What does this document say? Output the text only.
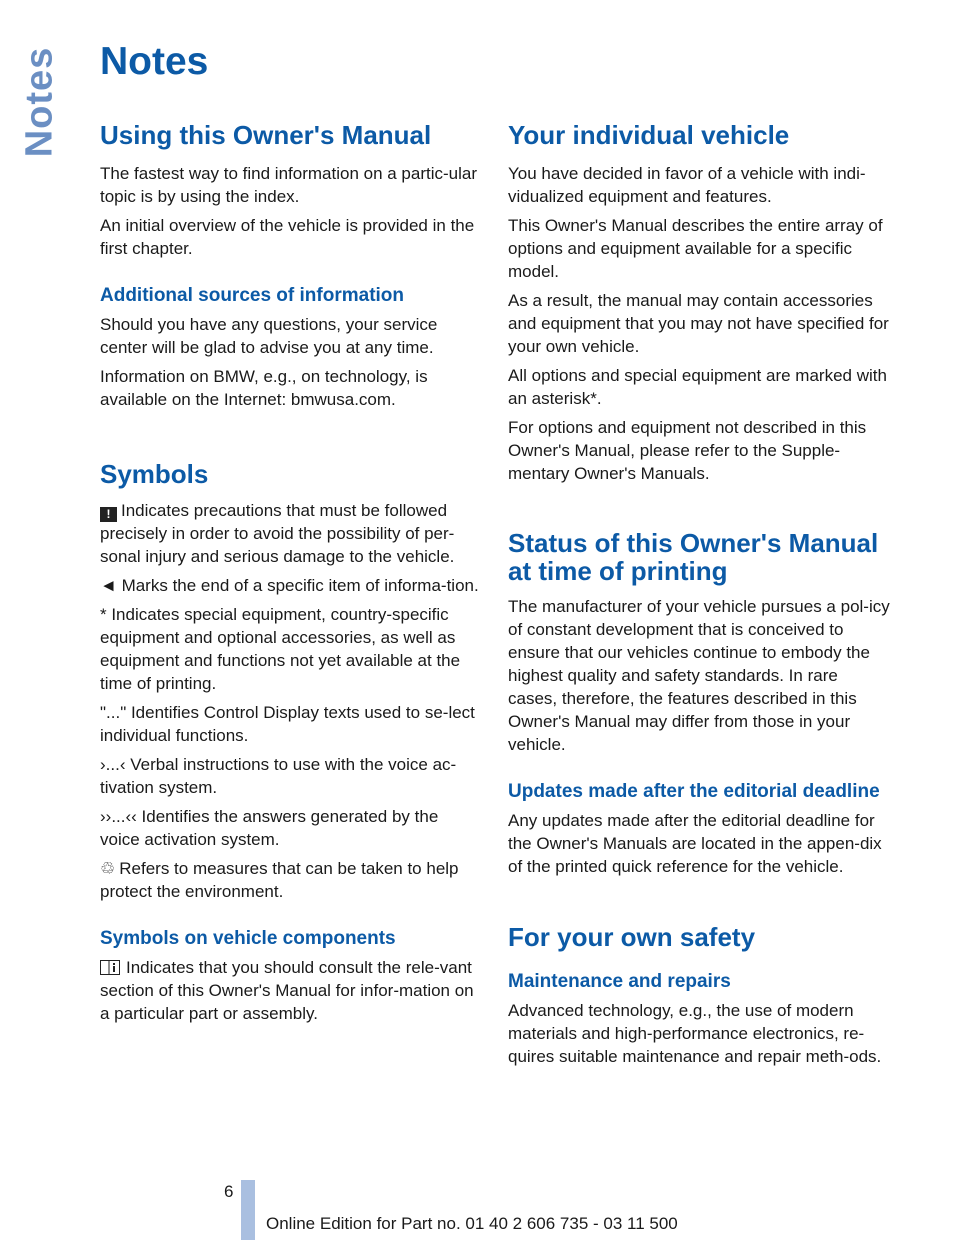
Notes Notes
Using this Owner's Manual

The fastest way to find information on a partic-ular topic is by using the index.

An initial overview of the vehicle is provided in the first chapter.

Additional sources of information

Should you have any questions, your service center will be glad to advise you at any time.

Information on BMW, e.g., on technology, is available on the Internet: bmwusa.com.

Symbols

! Indicates precautions that must be followed precisely in order to avoid the possibility of per-sonal injury and serious damage to the vehicle.

◄ Marks the end of a specific item of informa-tion.

* Indicates special equipment, country-specific equipment and optional accessories, as well as equipment and functions not yet available at the time of printing.

"..." Identifies Control Display texts used to se-lect individual functions.

›...‹ Verbal instructions to use with the voice ac-tivation system.

››...‹‹ Identifies the answers generated by the voice activation system.

♲ Refers to measures that can be taken to help protect the environment.

Symbols on vehicle components

Indicates that you should consult the rele-vant section of this Owner's Manual for infor-mation on a particular part or assembly.

Your individual vehicle

You have decided in favor of a vehicle with indi-vidualized equipment and features.

This Owner's Manual describes the entire array of options and equipment available for a specific model.

As a result, the manual may contain accessories and equipment that you may not have specified for your own vehicle.

All options and special equipment are marked with an asterisk*.

For options and equipment not described in this Owner's Manual, please refer to the Supple-mentary Owner's Manuals.

Status of this Owner's Manual at time of printing

The manufacturer of your vehicle pursues a pol-icy of constant development that is conceived to ensure that our vehicles continue to embody the highest quality and safety standards. In rare cases, therefore, the features described in this Owner's Manual may differ from those in your vehicle.

Updates made after the editorial deadline

Any updates made after the editorial deadline for the Owner's Manuals are located in the appen-dix of the printed quick reference for the vehicle.

For your own safety
Maintenance and repairs

Advanced technology, e.g., the use of modern materials and high-performance electronics, re-quires suitable maintenance and repair meth-ods.

6
Online Edition for Part no. 01 40 2 606 735 - 03 11 500
